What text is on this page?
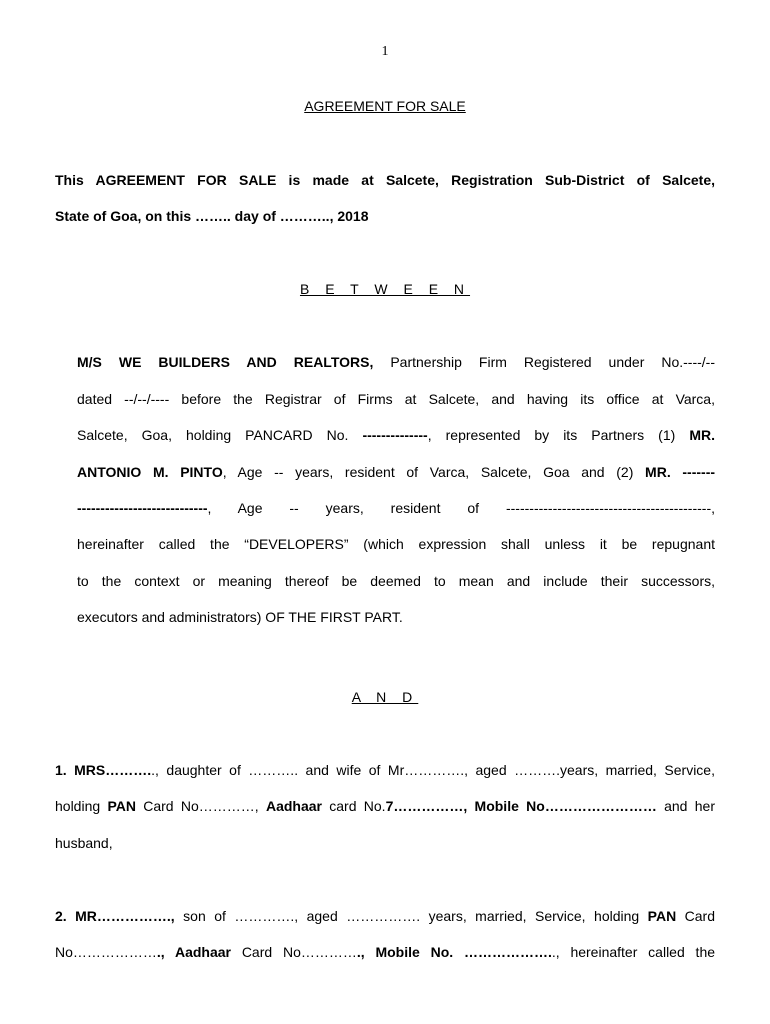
1
AGREEMENT FOR SALE
This AGREEMENT FOR SALE is made at Salcete, Registration Sub-District of Salcete,
State of Goa, on this …….. day of ……….., 2018
B E T W E E N
M/S WE BUILDERS AND REALTORS, Partnership Firm Registered under No.----/--
dated --/--/---- before the Registrar of Firms at Salcete, and having its office at Varca,
Salcete, Goa, holding PANCARD No. --------------, represented by its Partners (1) MR.
ANTONIO M. PINTO, Age -- years, resident of Varca, Salcete, Goa and (2) MR. -------
---------------------------- , Age -- years, resident of --------------------------------------------,
hereinafter called the “DEVELOPERS” (which expression shall unless it be repugnant
to the context or meaning thereof be deemed to mean and include their successors,
executors and administrators) OF THE FIRST PART.
A N D
1. MRS……….., daughter of ……….. and wife of Mr…………., aged ……….years, married, Service,
holding PAN Card No…………, Aadhaar card No.7……………, Mobile No…………………… and her
husband,
2. MR……………., son of …………., aged ……………. years, married, Service, holding PAN Card
No………………., Aadhaar Card No…………., Mobile No. ……………….., hereinafter called the
